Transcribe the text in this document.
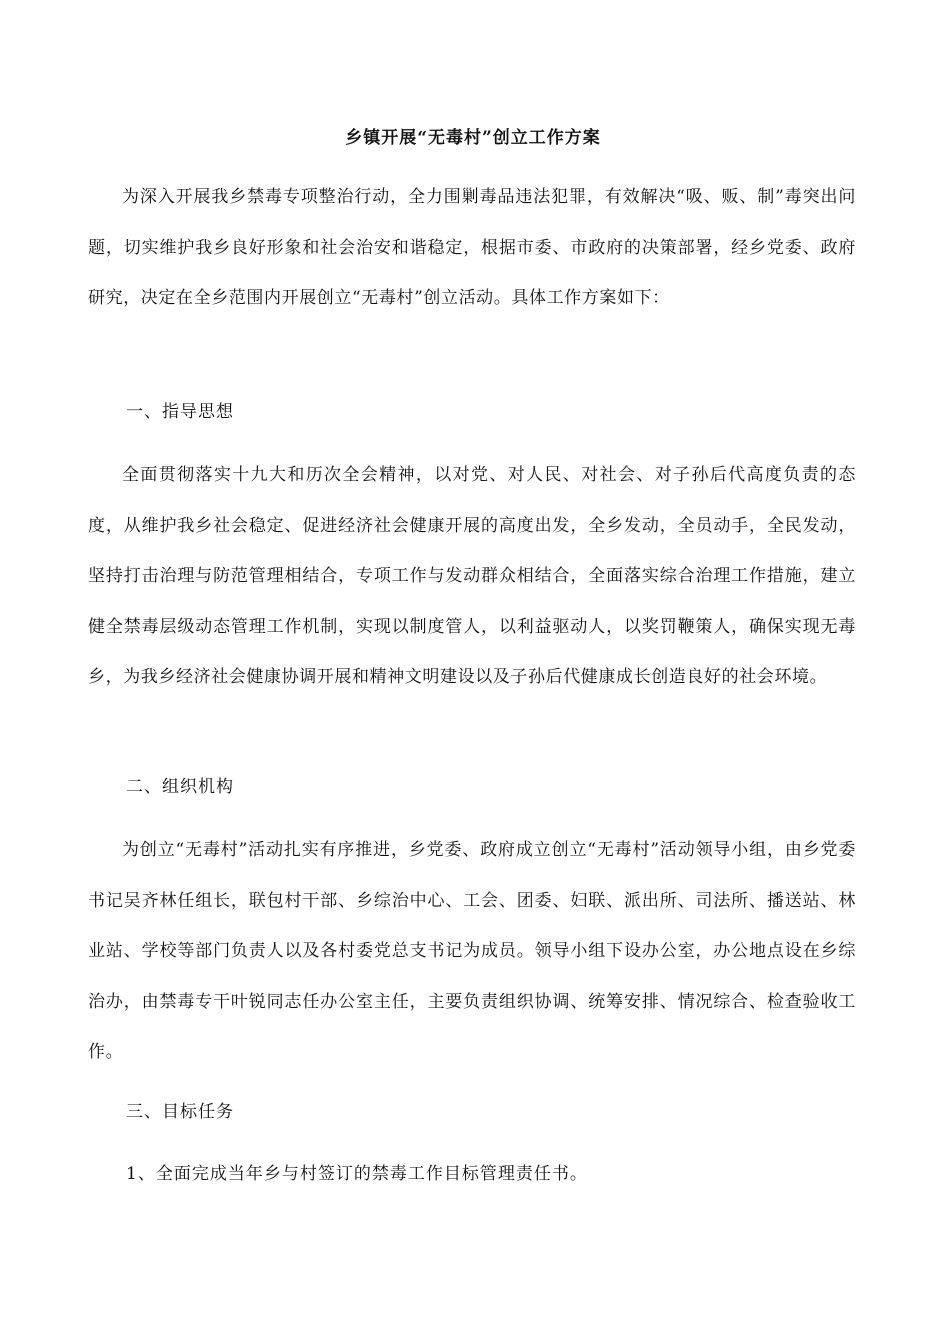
乡镇开展“无毒村”创立工作方案
为深入开展我乡禁毒专项整治行动，全力围剿毒品违法犯罪，有效解决“吸、贩、制”毒突出问题，切实维护我乡良好形象和社会治安和谐稳定，根据市委、市政府的决策部署，经乡党委、政府研究，决定在全乡范围内开展创立“无毒村”创立活动。具体工作方案如下：
一、指导思想
全面贯彻落实十九大和历次全会精神，以对党、对人民、对社会、对子孙后代高度负责的态度，从维护我乡社会稳定、促进经济社会健康开展的高度出发，全乡发动，全员动手，全民发动，坚持打击治理与防范管理相结合，专项工作与发动群众相结合，全面落实综合治理工作措施，建立健全禁毒层级动态管理工作机制，实现以制度管人，以利益驱动人，以奖罚鞭策人，确保实现无毒乡，为我乡经济社会健康协调开展和精神文明建设以及子孙后代健康成长创造良好的社会环境。
二、组织机构
为创立“无毒村”活动扎实有序推进，乡党委、政府成立创立“无毒村”活动领导小组，由乡党委书记吴齐林任组长，联包村干部、乡综治中心、工会、团委、妇联、派出所、司法所、播送站、林业站、学校等部门负责人以及各村委党总支书记为成员。领导小组下设办公室，办公地点设在乡综治办，由禁毒专干叶锐同志任办公室主任，主要负责组织协调、统筹安排、情况综合、检查验收工作。
三、目标任务
1、全面完成当年乡与村签订的禁毒工作目标管理责任书。
